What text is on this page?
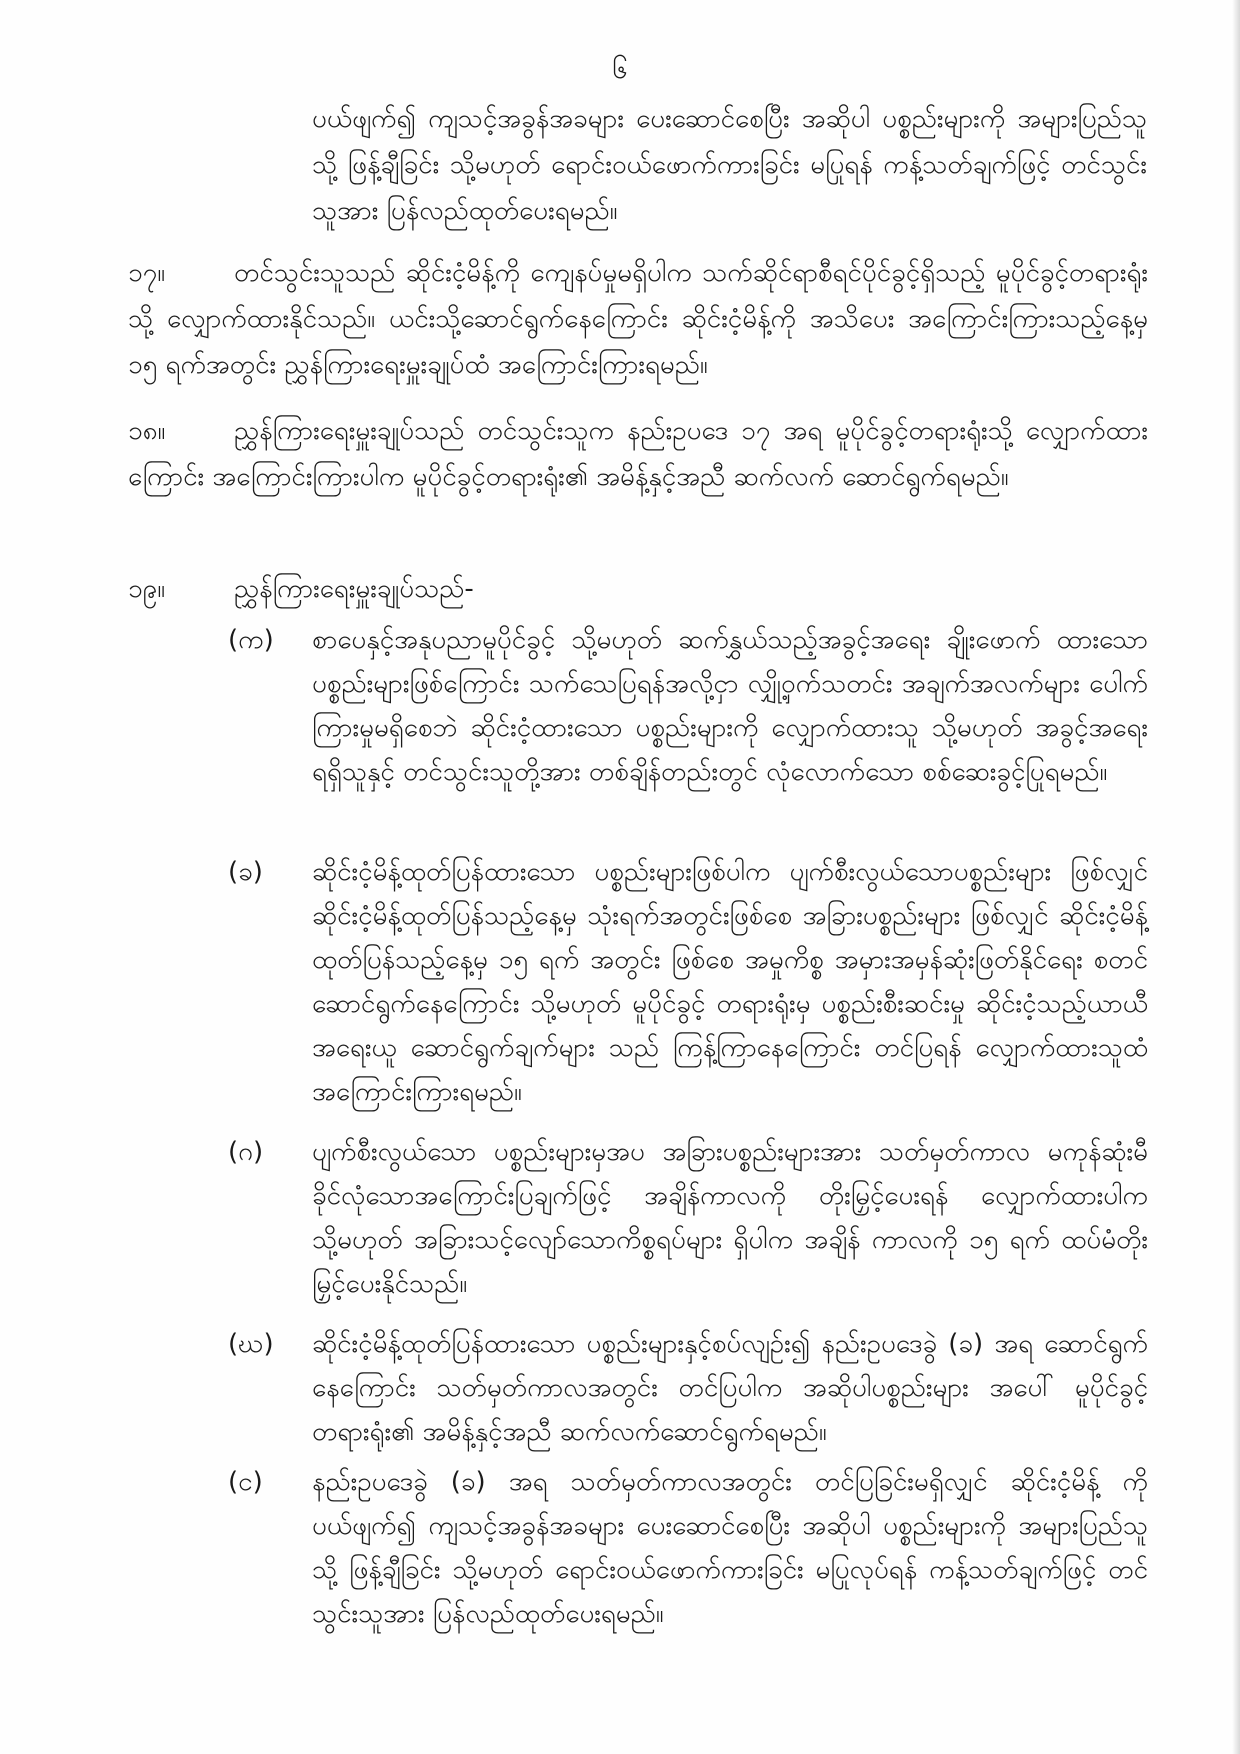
၆
ပယ်ဖျက်၍ ကျသင့်အခွန်အခများ ပေးဆောင်စေပြီး အဆိုပါ ပစ္စည်းများကို အများပြည်သူသို့ ဖြန့်ချီခြင်း သို့မဟုတ် ရောင်းဝယ်ဖောက်ကားခြင်း မပြုရန် ကန့်သတ်ချက်ဖြင့် တင်သွင်းသူအား ပြန်လည်ထုတ်ပေးရမည်။
၁၇။	တင်သွင်းသူသည် ဆိုင်းငံ့မိန့်ကို ကျေနပ်မှုမရှိပါက သက်ဆိုင်ရာစီရင်ပိုင်ခွင့်ရှိသည့် မူပိုင်ခွင့်တရားရုံးသို့ လျှောက်ထားနိုင်သည်။ ယင်းသို့ဆောင်ရွက်နေကြောင်း ဆိုင်းငံ့မိန့်ကို အသိပေး အကြောင်းကြားသည့်နေ့မှ ၁၅ ရက်အတွင်း ညွှန်ကြားရေးမှူးချုပ်ထံ အကြောင်းကြားရမည်။
၁၈။	ညွှန်ကြားရေးမှူးချုပ်သည် တင်သွင်းသူက နည်းဥပဒေ ၁၇ အရ မူပိုင်ခွင့်တရားရုံးသို့ လျှောက်ထားကြောင်း အကြောင်းကြားပါက မူပိုင်ခွင့်တရားရုံး၏ အမိန့်နှင့်အညီ ဆက်လက် ဆောင်ရွက်ရမည်။
၁၉။	ညွှန်ကြားရေးမှူးချုပ်သည်-
(က)	စာပေနှင့်အနုပညာမူပိုင်ခွင့် သို့မဟုတ် ဆက်နွှယ်သည့်အခွင့်အရေး ချိုးဖောက် ထားသော ပစ္စည်းများဖြစ်ကြောင်း သက်သေပြရန်အလို့ငှာ လျှို့ဝှက်သတင်း အချက်အလက်များ ပေါက်ကြားမှုမရှိစေဘဲ ဆိုင်းငံ့ထားသော ပစ္စည်းများကို လျှောက်ထားသူ သို့မဟုတ် အခွင့်အရေးရရှိသူနှင့် တင်သွင်းသူတို့အား တစ်ချိန်တည်းတွင် လုံလောက်သော စစ်ဆေးခွင့်ပြုရမည်။
(ခ)	ဆိုင်းငံ့မိန့်ထုတ်ပြန်ထားသော ပစ္စည်းများဖြစ်ပါက ပျက်စီးလွယ်သောပစ္စည်းများ ဖြစ်လျှင် ဆိုင်းငံ့မိန့်ထုတ်ပြန်သည့်နေ့မှ သုံးရက်အတွင်းဖြစ်စေ အခြားပစ္စည်းများ ဖြစ်လျှင် ဆိုင်းငံ့မိန့်ထုတ်ပြန်သည့်နေ့မှ ၁၅ ရက် အတွင်း ဖြစ်စေ အမှုကိစ္စ အမှားအမှန်ဆုံးဖြတ်နိုင်ရေး စတင်ဆောင်ရွက်နေကြောင်း သို့မဟုတ် မူပိုင်ခွင့် တရားရုံးမှ ပစ္စည်းစီးဆင်းမှု ဆိုင်းငံ့သည့်ယာယီအရေးယူ ဆောင်ရွက်ချက်များ သည် ကြန့်ကြာနေကြောင်း တင်ပြရန် လျှောက်ထားသူထံ အကြောင်းကြားရမည်။
(ဂ)	ပျက်စီးလွယ်သော ပစ္စည်းများမှအပ အခြားပစ္စည်းများအား သတ်မှတ်ကာလ မကုန်ဆုံးမီ ခိုင်လုံသောအကြောင်းပြချက်ဖြင့် အချိန်ကာလကို တိုးမြှင့်ပေးရန် လျှောက်ထားပါက သို့မဟုတ် အခြားသင့်လျော်သောကိစ္စရပ်များ ရှိပါက အချိန် ကာလကို ၁၅ ရက် ထပ်မံတိုးမြှင့်ပေးနိုင်သည်။
(ဃ)	ဆိုင်းငံ့မိန့်ထုတ်ပြန်ထားသော ပစ္စည်းများနှင့်စပ်လျဉ်း၍ နည်းဥပဒေခွဲ (ခ) အရ ဆောင်ရွက်နေကြောင်း သတ်မှတ်ကာလအတွင်း တင်ပြပါက အဆိုပါပစ္စည်းများ အပေါ် မူပိုင်ခွင့်တရားရုံး၏ အမိန့်နှင့်အညီ ဆက်လက်ဆောင်ရွက်ရမည်။
(င)	နည်းဥပဒေခွဲ (ခ) အရ သတ်မှတ်ကာလအတွင်း တင်ပြခြင်းမရှိလျှင် ဆိုင်းငံ့မိန့် ကို ပယ်ဖျက်၍ ကျသင့်အခွန်အခများ ပေးဆောင်စေပြီး အဆိုပါ ပစ္စည်းများကို အများပြည်သူသို့ ဖြန့်ချီခြင်း သို့မဟုတ် ရောင်းဝယ်ဖောက်ကားခြင်း မပြုလုပ်ရန် ကန့်သတ်ချက်ဖြင့် တင်သွင်းသူအား ပြန်လည်ထုတ်ပေးရမည်။
